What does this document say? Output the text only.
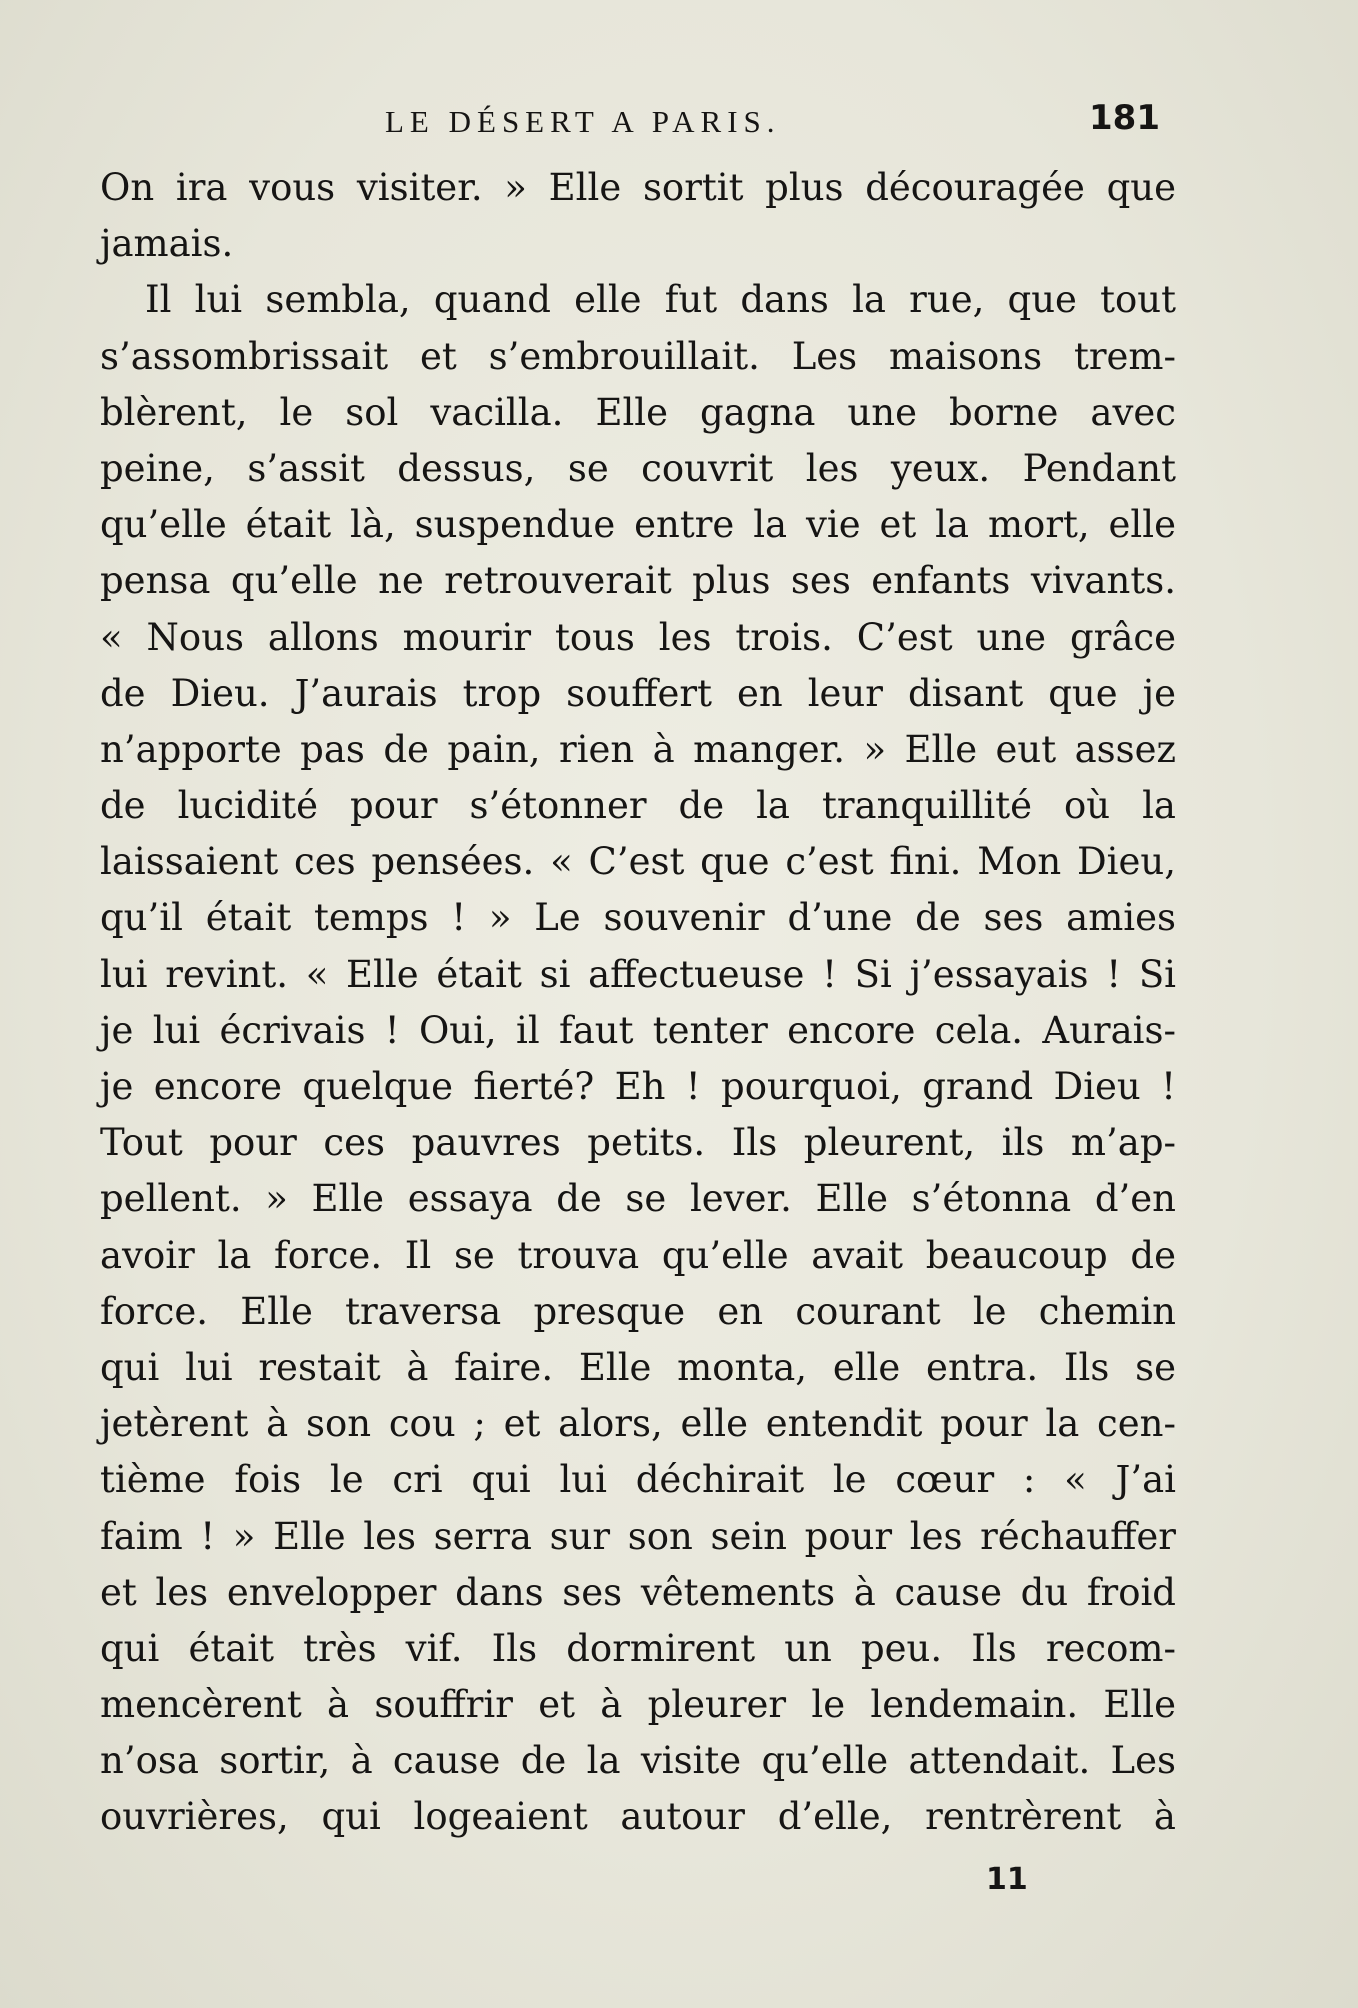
LE DÉSERT A PARIS.	181
On ira vous visiter. » Elle sortit plus découragée que
jamais.
Il lui sembla, quand elle fut dans la rue, que tout
s’assombrissait et s’embrouillait. Les maisons trem-
blèrent, le sol vacilla. Elle gagna une borne avec
peine, s’assit dessus, se couvrit les yeux. Pendant
qu’elle était là, suspendue entre la vie et la mort, elle
pensa qu’elle ne retrouverait plus ses enfants vivants.
« Nous allons mourir tous les trois. C’est une grâce
de Dieu. J’aurais trop souffert en leur disant que je
n’apporte pas de pain, rien à manger. » Elle eut assez
de lucidité pour s’étonner de la tranquillité où la
laissaient ces pensées. « C’est que c’est fini. Mon Dieu,
qu’il était temps ! » Le souvenir d’une de ses amies
lui revint. « Elle était si affectueuse ! Si j’essayais ! Si
je lui écrivais ! Oui, il faut tenter encore cela. Aurais-
je encore quelque fierté? Eh ! pourquoi, grand Dieu !
Tout pour ces pauvres petits. Ils pleurent, ils m’ap-
pellent. » Elle essaya de se lever. Elle s’étonna d’en
avoir la force. Il se trouva qu’elle avait beaucoup de
force. Elle traversa presque en courant le chemin
qui lui restait à faire. Elle monta, elle entra. Ils se
jetèrent à son cou ; et alors, elle entendit pour la cen-
tième fois le cri qui lui déchirait le cœur : « J’ai
faim ! » Elle les serra sur son sein pour les réchauffer
et les envelopper dans ses vêtements à cause du froid
qui était très vif. Ils dormirent un peu. Ils recom-
mencèrent à souffrir et à pleurer le lendemain. Elle
n’osa sortir, à cause de la visite qu’elle attendait. Les
ouvrières, qui logeaient autour d’elle, rentrèrent à
11
